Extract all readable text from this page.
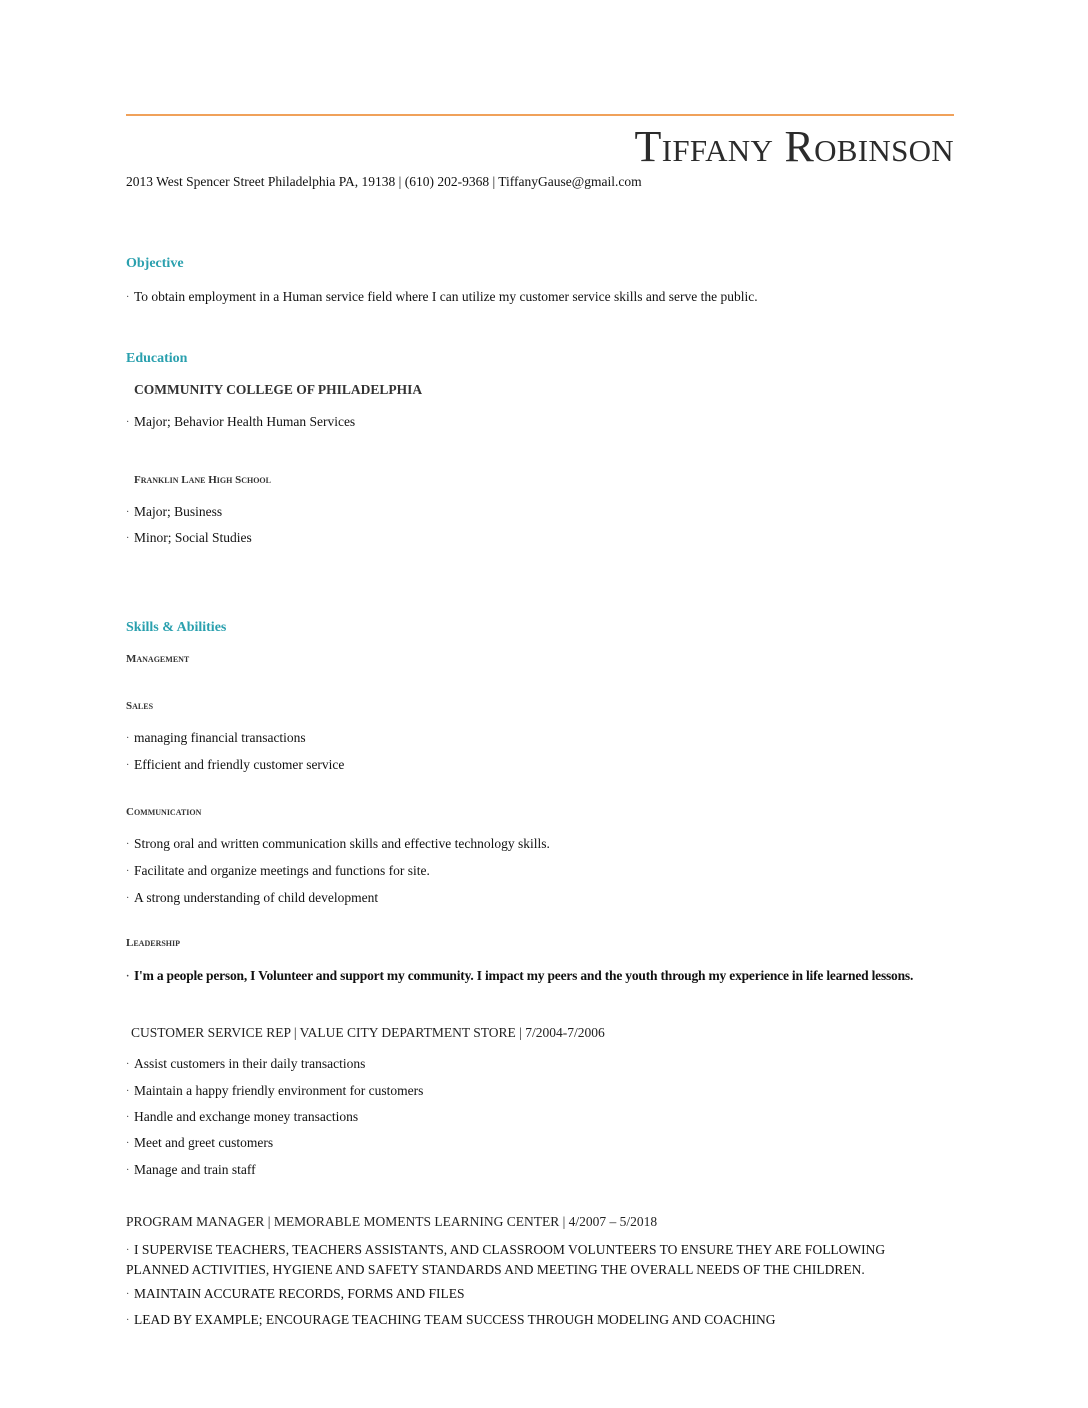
Tiffany Robinson
2013 West Spencer Street Philadelphia PA, 19138 | (610) 202-9368 | TiffanyGause@gmail.com
Objective
· To obtain employment in a Human service field where I can utilize my customer service skills and serve the public.
Education
COMMUNITY COLLEGE OF PHILADELPHIA
· Major; Behavior Health Human Services
Franklin Lane High School
· Major; Business
· Minor; Social Studies
Skills & Abilities
Management
Sales
· managing financial transactions
· Efficient and friendly customer service
Communication
· Strong oral and written communication skills and effective technology skills.
· Facilitate and organize meetings and functions for site.
· A strong understanding of child development
Leadership
· I'm a people person, I Volunteer and support my community. I impact my peers and the youth through my experience in life learned lessons.
CUSTOMER SERVICE REP | VALUE CITY DEPARTMENT STORE | 7/2004-7/2006
· Assist customers in their daily transactions
· Maintain a happy friendly environment for customers
· Handle and exchange money transactions
· Meet and greet customers
· Manage and train staff
PROGRAM MANAGER | MEMORABLE MOMENTS LEARNING CENTER | 4/2007 – 5/2018
· I SUPERVISE TEACHERS, TEACHERS ASSISTANTS, AND CLASSROOM VOLUNTEERS TO ENSURE THEY ARE FOLLOWING PLANNED ACTIVITIES, HYGIENE AND SAFETY STANDARDS AND MEETING THE OVERALL NEEDS OF THE CHILDREN.
· MAINTAIN ACCURATE RECORDS, FORMS AND FILES
· LEAD BY EXAMPLE; ENCOURAGE TEACHING TEAM SUCCESS THROUGH MODELING AND COACHING
